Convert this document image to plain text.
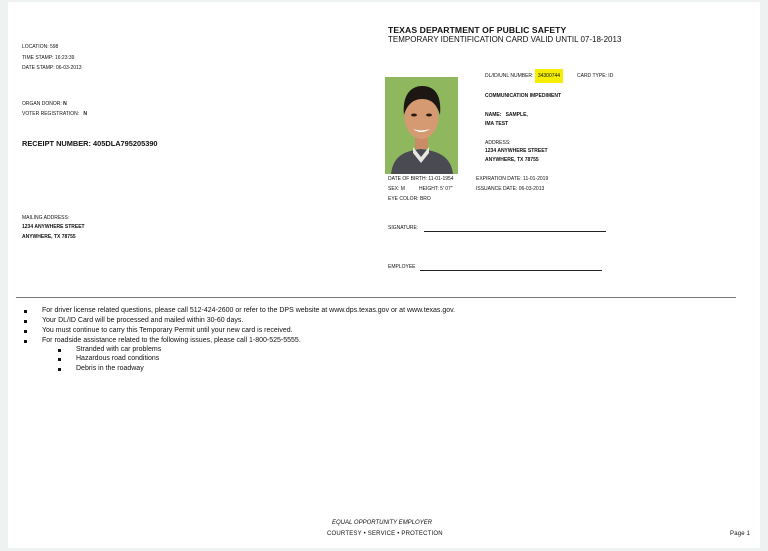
TEXAS DEPARTMENT OF PUBLIC SAFETY
TEMPORARY IDENTIFICATION CARD VALID UNTIL 07-18-2013
LOCATION: 598
TIME STAMP: 16:23:39
DATE STAMP: 06-03-2013
ORGAN DONOR: N
VOTER REGISTRATION: N
RECEIPT NUMBER: 405DLA795205390
MAILING ADDRESS:
1234 ANYWHERE STREET
ANYWHERE, TX 78755
DL/ID/UNL NUMBER: 34300744	CARD TYPE: ID
COMMUNICATION IMPEDIMENT
NAME: SAMPLE,
IMA TEST
ADDRESS:
1234 ANYWHERE STREET
ANYWHERE, TX 78755
DATE OF BIRTH: 11-01-1954	EXPIRATION DATE: 11-01-2019
SEX: M	HEIGHT: 5' 07"	ISSUANCE DATE: 06-03-2013
EYE COLOR: BRO
SIGNATURE:
EMPLOYEE
For driver license related questions, please call 512-424-2600 or refer to the DPS website at www.dps.texas.gov or at www.texas.gov.
Your DL/ID Card will be processed and mailed within 30-60 days.
You must continue to carry this Temporary Permit until your new card is received.
For roadside assistance related to the following issues, please call 1-800-525-5555.
Stranded with car problems
Hazardous road conditions
Debris in the roadway
EQUAL OPPORTUNITY EMPLOYER
COURTESY • SERVICE • PROTECTION	Page 1
